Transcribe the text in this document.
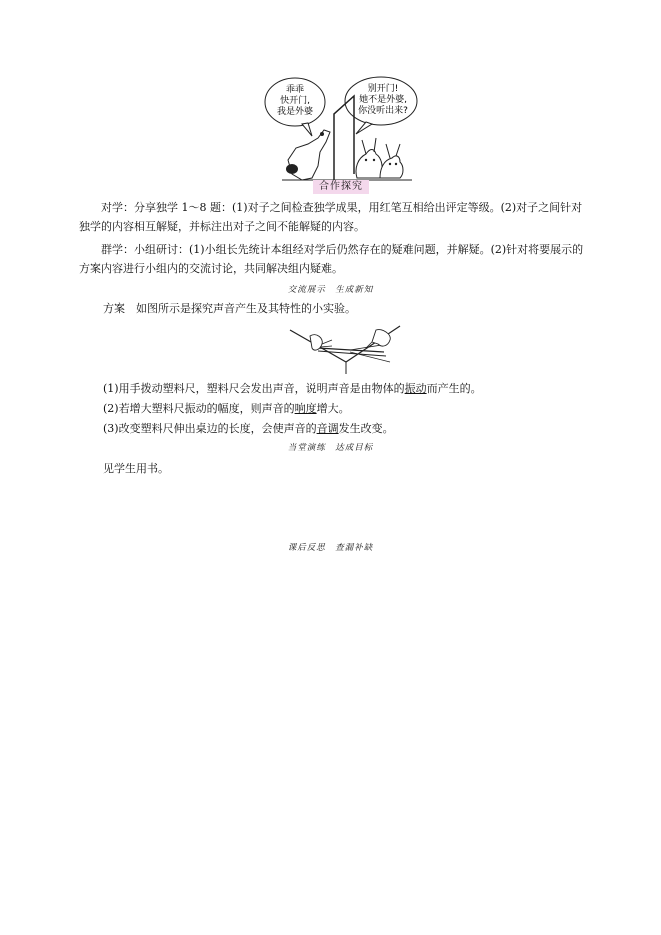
乖乖
快开门,
我是外婆
别开门!
她不是外婆,
你没听出来?
合作探究

对学：分享独学 1～8 题：(1)对子之间检查独学成果，用红笔互相给出评定等级。(2)对子之间针对独学的内容相互解疑，并标注出对子之间不能解疑的内容。

群学：小组研讨：(1)小组长先统计本组经对学后仍然存在的疑难问题，并解疑。(2)针对将要展示的方案内容进行小组内的交流讨论，共同解决组内疑难。

交流展示　生成新知
方案　如图所示是探究声音产生及其特性的小实验。
(1)用手拨动塑料尺，塑料尺会发出声音，说明声音是由物体的振动而产生的。
(2)若增大塑料尺振动的幅度，则声音的响度增大。
(3)改变塑料尺伸出桌边的长度，会使声音的音调发生改变。
当堂演练　达成目标
见学生用书。
课后反思　查漏补缺
